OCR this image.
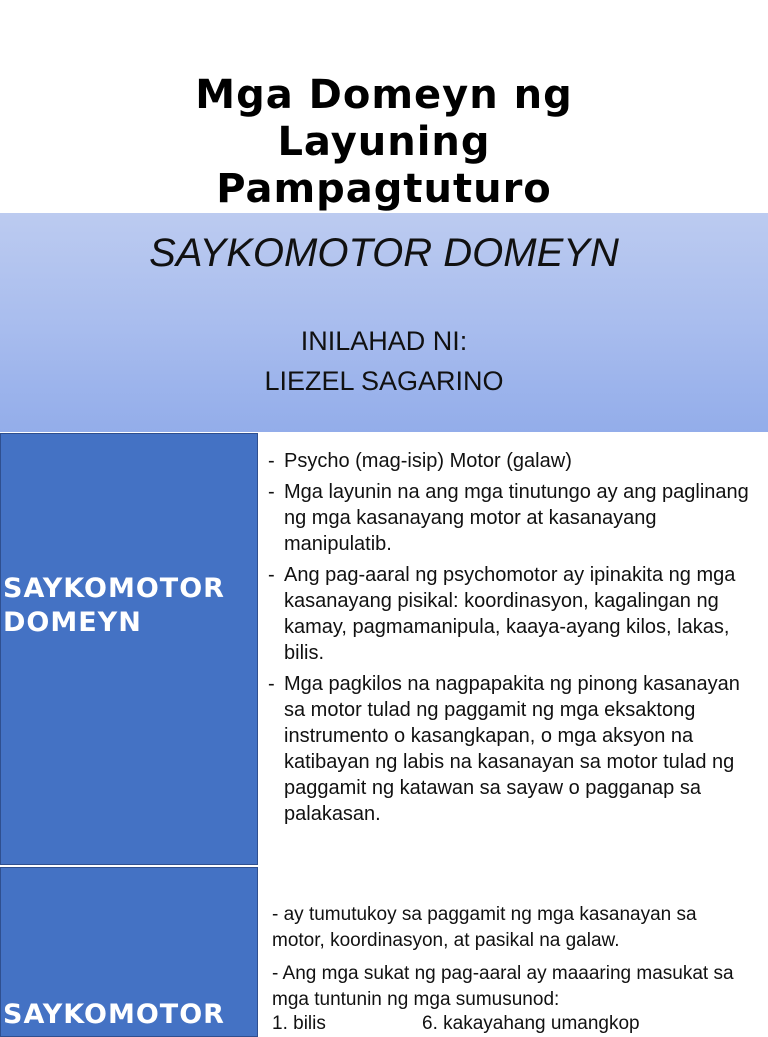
Mga Domeyn ng
Layuning
Pampagtuturo
SAYKOMOTOR DOMEYN
INILAHAD NI:
LIEZEL SAGARINO
SAYKOMOTOR
DOMEYN
- Psycho (mag-isip) Motor (galaw)
- Mga layunin na ang mga tinutungo ay ang paglinang ng mga kasanayang motor at kasanayang manipulatib.
- Ang pag-aaral ng psychomotor ay ipinakita ng mga kasanayang pisikal: koordinasyon, kagalingan ng kamay, pagmamanipula, kaaya-ayang kilos, lakas, bilis.
- Mga pagkilos na nagpapakita ng pinong kasanayan sa motor tulad ng paggamit ng mga eksaktong instrumento o kasangkapan, o mga aksyon na katibayan ng labis na kasanayan sa motor tulad ng paggamit ng katawan sa sayaw o pagganap sa palakasan.
SAYKOMOTOR
- ay tumutukoy sa paggamit ng mga kasanayan sa motor, koordinasyon, at pasikal na galaw.
- Ang mga sukat ng pag-aaral ay maaaring masukat sa mga tuntunin ng mga sumusunod:
1. bilis	6. kakayahang umangkop
